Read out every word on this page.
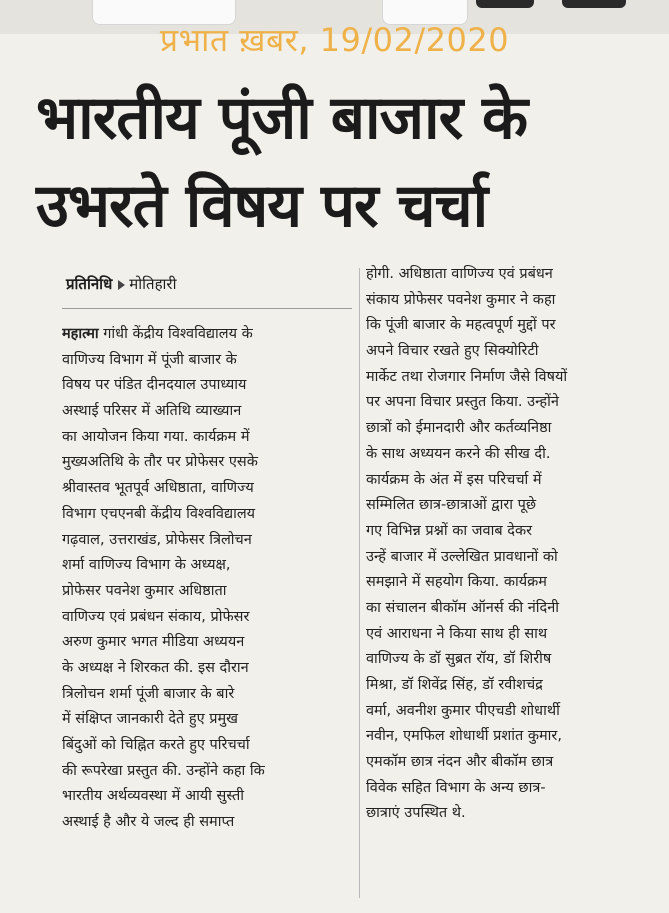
प्रभात ख़बर, 19/02/2020
भारतीय पूंजी बाजार के
उभरते विषय पर चर्चा
प्रतिनिधि मोतिहारी
महात्मा गांधी केंद्रीय विश्वविद्यालय के
वाणिज्य विभाग में पूंजी बाजार के
विषय पर पंडित दीनदयाल उपाध्याय
अस्थाई परिसर में अतिथि व्याख्यान
का आयोजन किया गया. कार्यक्रम में
मुख्यअतिथि के तौर पर प्रोफेसर एसके
श्रीवास्तव भूतपूर्व अधिष्ठाता, वाणिज्य
विभाग एचएनबी केंद्रीय विश्वविद्यालय
गढ़वाल, उत्तराखंड, प्रोफेसर त्रिलोचन
शर्मा वाणिज्य विभाग के अध्यक्ष,
प्रोफेसर पवनेश कुमार अधिष्ठाता
वाणिज्य एवं प्रबंधन संकाय, प्रोफेसर
अरुण कुमार भगत मीडिया अध्ययन
के अध्यक्ष ने शिरकत की. इस दौरान
त्रिलोचन शर्मा पूंजी बाजार के बारे
में संक्षिप्त जानकारी देते हुए प्रमुख
बिंदुओं को चिह्नित करते हुए परिचर्चा
की रूपरेखा प्रस्तुत की. उन्होंने कहा कि
भारतीय अर्थव्यवस्था में आयी सुस्ती
अस्थाई है और ये जल्द ही समाप्त
होगी. अधिष्ठाता वाणिज्य एवं प्रबंधन
संकाय प्रोफेसर पवनेश कुमार ने कहा
कि पूंजी बाजार के महत्वपूर्ण मुद्दों पर
अपने विचार रखते हुए सिक्योरिटी
मार्केट तथा रोजगार निर्माण जैसे विषयों
पर अपना विचार प्रस्तुत किया. उन्होंने
छात्रों को ईमानदारी और कर्तव्यनिष्ठा
के साथ अध्ययन करने की सीख दी.
कार्यक्रम के अंत में इस परिचर्चा में
सम्मिलित छात्र-छात्राओं द्वारा पूछे
गए विभिन्न प्रश्नों का जवाब देकर
उन्हें बाजार में उल्लेखित प्रावधानों को
समझाने में सहयोग किया. कार्यक्रम
का संचालन बीकॉम ऑनर्स की नंदिनी
एवं आराधना ने किया साथ ही साथ
वाणिज्य के डॉ सुब्रत रॉय, डॉ शिरीष
मिश्रा, डॉ शिवेंद्र सिंह, डॉ रवीशचंद्र
वर्मा, अवनीश कुमार पीएचडी शोधार्थी
नवीन, एमफिल शोधार्थी प्रशांत कुमार,
एमकॉम छात्र नंदन और बीकॉम छात्र
विवेक सहित विभाग के अन्य छात्र-
छात्राएं उपस्थित थे.
